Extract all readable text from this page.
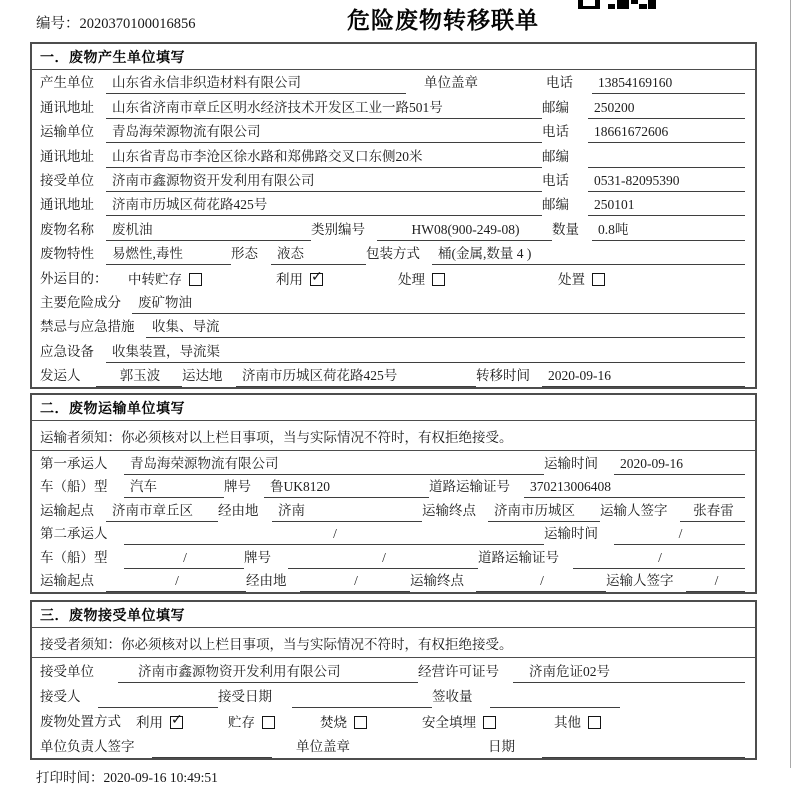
编号：2020370100016856	危险废物转移联单
一．废物产生单位填写
产生单位	山东省永信非织造材料有限公司	单位盖章	电话	13854169160
通讯地址	山东省济南市章丘区明水经济技术开发区工业一路501号	邮编	250200
运输单位	青岛海荣源物流有限公司	电话	18661672606
通讯地址	山东省青岛市李沧区徐水路和郑佛路交叉口东侧20米	邮编
接受单位	济南市鑫源物资开发利用有限公司	电话	0531-82095390
通讯地址	济南市历城区荷花路425号	邮编	250101
废物名称	废机油	类别编号	HW08(900-249-08)	数量	0.8吨
废物特性	易燃性,毒性	形态	液态	包装方式	桶(金属,数量 4 )
外运目的：	中转贮存	利用 ✓	处理	处置
主要危险成分	废矿物油
禁忌与应急措施	收集、导流
应急设备	收集装置，导流渠
发运人	郭玉波	运达地	济南市历城区荷花路425号	转移时间	2020-09-16
二．废物运输单位填写
运输者须知：你必须核对以上栏目事项，当与实际情况不符时，有权拒绝接受。
第一承运人	青岛海荣源物流有限公司	运输时间	2020-09-16
车（船）型	汽车	牌号	鲁UK8120	道路运输证号	370213006408
运输起点	济南市章丘区	经由地	济南	运输终点	济南市历城区	运输人签字	张春雷
第二承运人	/	运输时间	/
车（船）型	/	牌号	/	道路运输证号	/
运输起点	/	经由地	/	运输终点	/	运输人签字	/
三．废物接受单位填写
接受者须知：你必须核对以上栏目事项，当与实际情况不符时，有权拒绝接受。
接受单位	济南市鑫源物资开发利用有限公司	经营许可证号	济南危证02号
接受人	接受日期	签收量
废物处置方式	利用 ✓	贮存	焚烧	安全填埋	其他
单位负责人签字	单位盖章	日期
打印时间：2020-09-16 10:49:51
